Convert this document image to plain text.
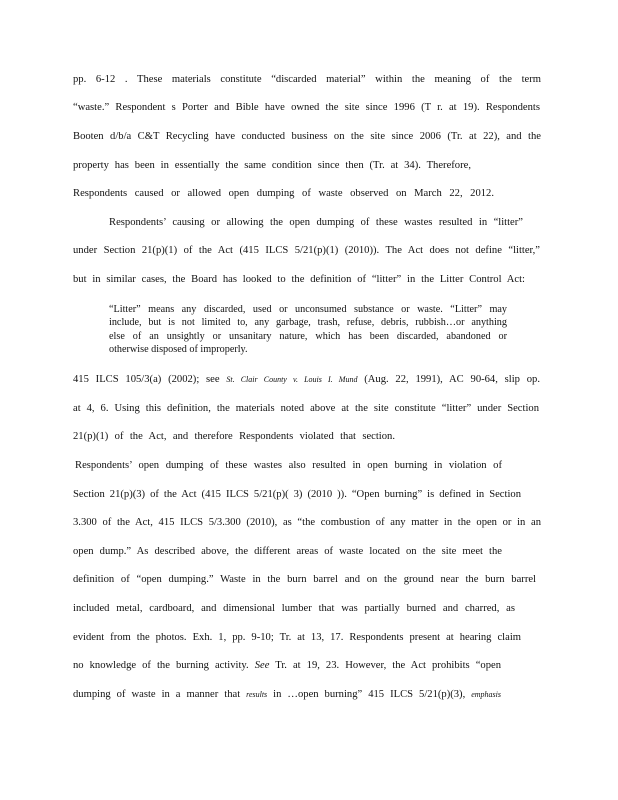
pp. 6-12 . These materials constitute “discarded material” within the meaning of the term
“waste.” Respondent s Porter and Bible have owned the site since 1996 (T r. at 19). Respondents
Booten d/b/a C&T Recycling have conducted business on the site since 2006 (Tr. at 22), and the
property has been in essentially the same condition since then (Tr. at 34). Therefore,
Respondents caused or allowed open dumping of waste observed on March 22, 2012.
Respondents’ causing or allowing the open dumping of these wastes resulted in “litter”
under Section 21(p)(1) of the Act (415 ILCS 5/21(p)(1) (2010)). The Act does not define “litter,”
but in similar cases, the Board has looked to the definition of “litter” in the Litter Control Act:
“Litter” means any discarded, used or unconsumed substance or waste. “Litter” may
include, but is not limited to, any garbage, trash, refuse, debris, rubbish…or anything
else of an unsightly or unsanitary nature, which has been discarded, abandoned or
otherwise disposed of improperly.
415 ILCS 105/3(a) (2002); see St. Clair County v. Louis I. Mund (Aug. 22, 1991), AC 90-64, slip op.
at 4, 6. Using this definition, the materials noted above at the site constitute “litter” under Section
21(p)(1) of the Act, and therefore Respondents violated that section.
Respondents’ open dumping of these wastes also resulted in open burning in violation of
Section 21(p)(3) of the Act (415 ILCS 5/21(p)( 3) (2010 )). “Open burning” is defined in Section
3.300 of the Act, 415 ILCS 5/3.300 (2010), as “the combustion of any matter in the open or in an
open dump.” As described above, the different areas of waste located on the site meet the
definition of “open dumping.” Waste in the burn barrel and on the ground near the burn barrel
included metal, cardboard, and dimensional lumber that was partially burned and charred, as
evident from the photos. Exh. 1, pp. 9-10; Tr. at 13, 17. Respondents present at hearing claim
no knowledge of the burning activity. See Tr. at 19, 23. However, the Act prohibits “open
dumping of waste in a manner that results in …open burning” 415 ILCS 5/21(p)(3), emphasis
